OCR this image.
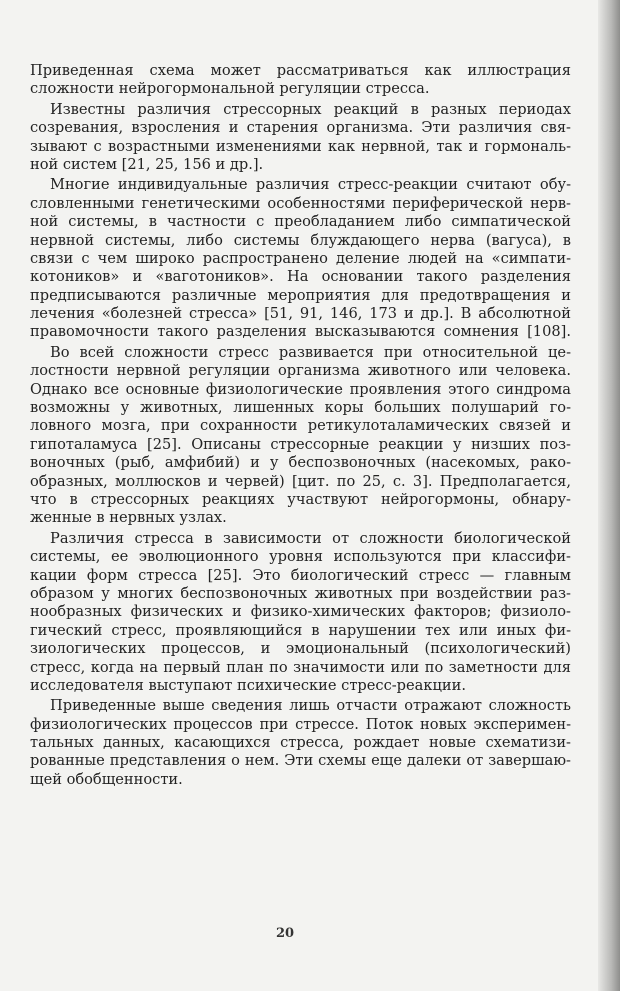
Приведенная схема может рассматриваться как иллюстрация
сложности нейрогормональной регуляции стресса.
Известны различия стрессорных реакций в разных периодах
созревания, взросления и старения организма. Эти различия свя-
зывают с возрастными изменениями как нервной, так и гормональ-
ной систем [21, 25, 156 и др.].
Многие индивидуальные различия стресс-реакции считают обу-
словленными генетическими особенностями периферической нерв-
ной системы, в частности с преобладанием либо симпатической
нервной системы, либо системы блуждающего нерва (вагуса), в
связи с чем широко распространено деление людей на «симпати-
котоников» и «ваготоников». На основании такого разделения
предписываются различные мероприятия для предотвращения и
лечения «болезней стресса» [51, 91, 146, 173 и др.]. В абсолютной
правомочности такого разделения высказываются сомнения [108].
Во всей сложности стресс развивается при относительной це-
лостности нервной регуляции организма животного или человека.
Однако все основные физиологические проявления этого синдрома
возможны у животных, лишенных коры больших полушарий го-
ловного мозга, при сохранности ретикулоталамических связей и
гипоталамуса [25]. Описаны стрессорные реакции у низших поз-
воночных (рыб, амфибий) и у беспозвоночных (насекомых, рако-
образных, моллюсков и червей) [цит. по 25, с. 3]. Предполагается,
что в стрессорных реакциях участвуют нейрогормоны, обнару-
женные в нервных узлах.
Различия стресса в зависимости от сложности биологической
системы, ее эволюционного уровня используются при классифи-
кации форм стресса [25]. Это биологический стресс — главным
образом у многих беспозвоночных животных при воздействии раз-
нообразных физических и физико-химических факторов; физиоло-
гический стресс, проявляющийся в нарушении тех или иных фи-
зиологических процессов, и эмоциональный (психологический)
стресс, когда на первый план по значимости или по заметности для
исследователя выступают психические стресс-реакции.
Приведенные выше сведения лишь отчасти отражают сложность
физиологических процессов при стрессе. Поток новых эксперимен-
тальных данных, касающихся стресса, рождает новые схематизи-
рованные представления о нем. Эти схемы еще далеки от завершаю-
щей обобщенности.
20
